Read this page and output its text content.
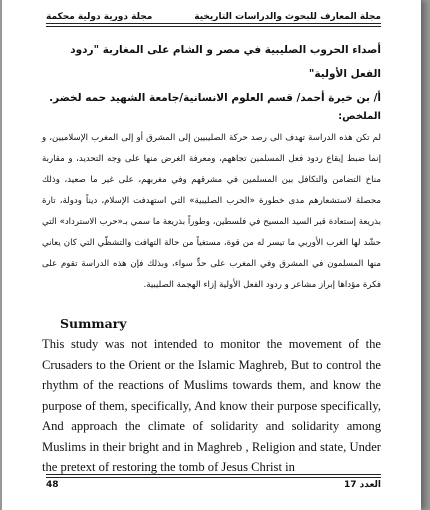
مجلة دورية دولية محكمة	مجلة المعارف للبحوث والدراسات التاريخية
أصداء الحروب الصليبية في مصر و الشام على المغاربة "ردود الفعل الأولية"
أ/ بن خيرة أحمد/ قسم العلوم الانسانية/جامعة الشهيد حمه لخضر.
الملخص:
لم تكن هذه الدراسة تهدف الى رصد حركة الصليبيين إلى المشرق أو إلى المغرب الإسلاميين، و إنما ضبط إيقاع ردود فعل المسلمين تجاههم، ومعرفة الغرض منها على وجه التحديد، و مقاربة مناخ التضامن والتكافل بين المسلمين في مشرقهم وفي مغربهم، على غير ما صعيد، وذلك محصلة لاستشعارهم مدى خطورة «الحرب الصليبية» التي استهدفت الإسلام، ديناً ودولة، تارة بذريعة إستعادة قبر السيد المسيح في فلسطين، وطوراً بذريعة ما سمي بـ«حرب الاسترداد» التي حشّد لها الغرب الأوربي ما تيسر له من قوة، مستغياً من حالة التهافت والتشظّي التي كان يعاني منها المسلمون في المشرق وفي المغرب على حدٍّ سواء، وبذلك فإن هذه الدراسة تقوم على فكرة مؤداها إبراز مشاعر و ردود الفعل الأولية إزاء الهجمة الصليبية.
Summary
This study was not intended to monitor the movement of the Crusaders to the Orient or the Islamic Maghreb, But to control the rhythm of the reactions of Muslims towards them, and know the purpose of them, specifically, And know their purpose specifically, And approach the climate of solidarity and solidarity among Muslims in their bright and in Maghreb , Religion and state, Under the pretext of restoring the tomb of Jesus Christ in
48	العدد 17
